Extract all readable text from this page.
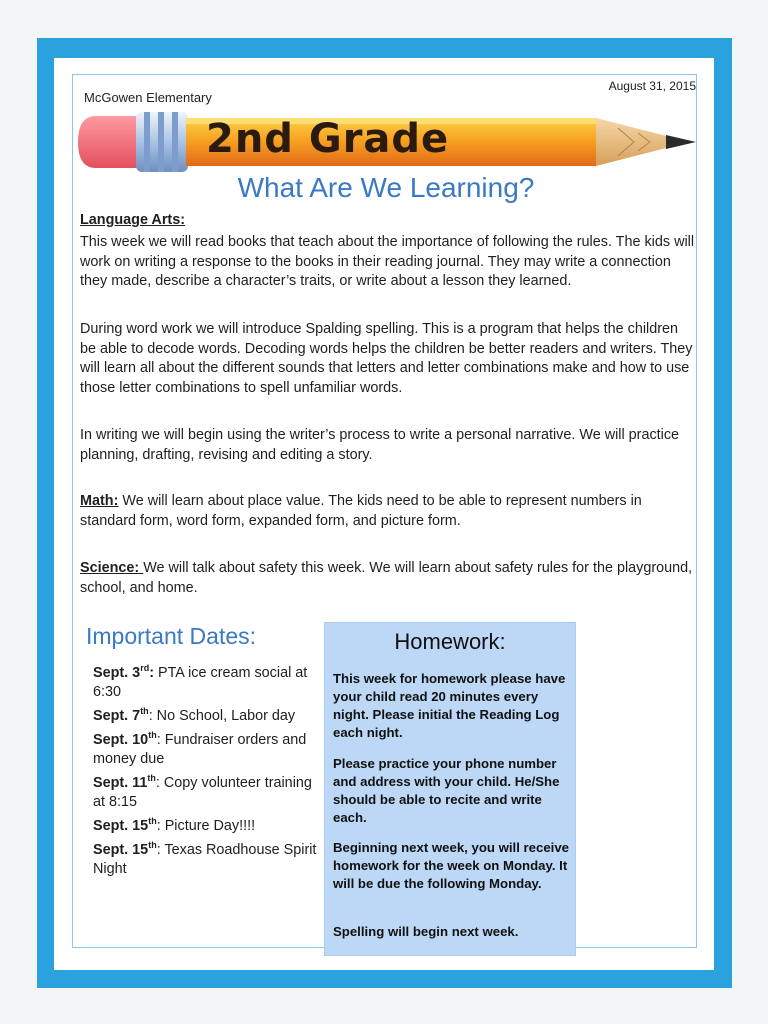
August 31, 2015
McGowen Elementary
2nd Grade
What Are We Learning?
Language Arts:
This week we will read books that teach about the importance of following the rules. The kids will work on writing a response to the books in their reading journal. They may write a connection they made, describe a character’s traits, or write about a lesson they learned.
During word work we will introduce Spalding spelling. This is a program that helps the children be able to decode words. Decoding words helps the children be better readers and writers. They will learn all about the different sounds that letters and letter combinations make and how to use those letter combinations to spell unfamiliar words.
In writing we will begin using the writer’s process to write a personal narrative. We will practice planning, drafting, revising and editing a story.
Math: We will learn about place value. The kids need to be able to represent numbers in standard form, word form, expanded form, and picture form.
Science: We will talk about safety this week. We will learn about safety rules for the playground, school, and home.
Important Dates:
Sept. 3rd: PTA ice cream social at 6:30
Sept. 7th: No School, Labor day
Sept. 10th: Fundraiser orders and money due
Sept. 11th: Copy volunteer training at 8:15
Sept. 15th: Picture Day!!!!
Sept. 15th: Texas Roadhouse Spirit Night
Homework:
This week for homework please have your child read 20 minutes every night. Please initial the Reading Log each night.
Please practice your phone number and address with your child. He/She should be able to recite and write each.
Beginning next week, you will receive homework for the week on Monday. It will be due the following Monday.
Spelling will begin next week.
